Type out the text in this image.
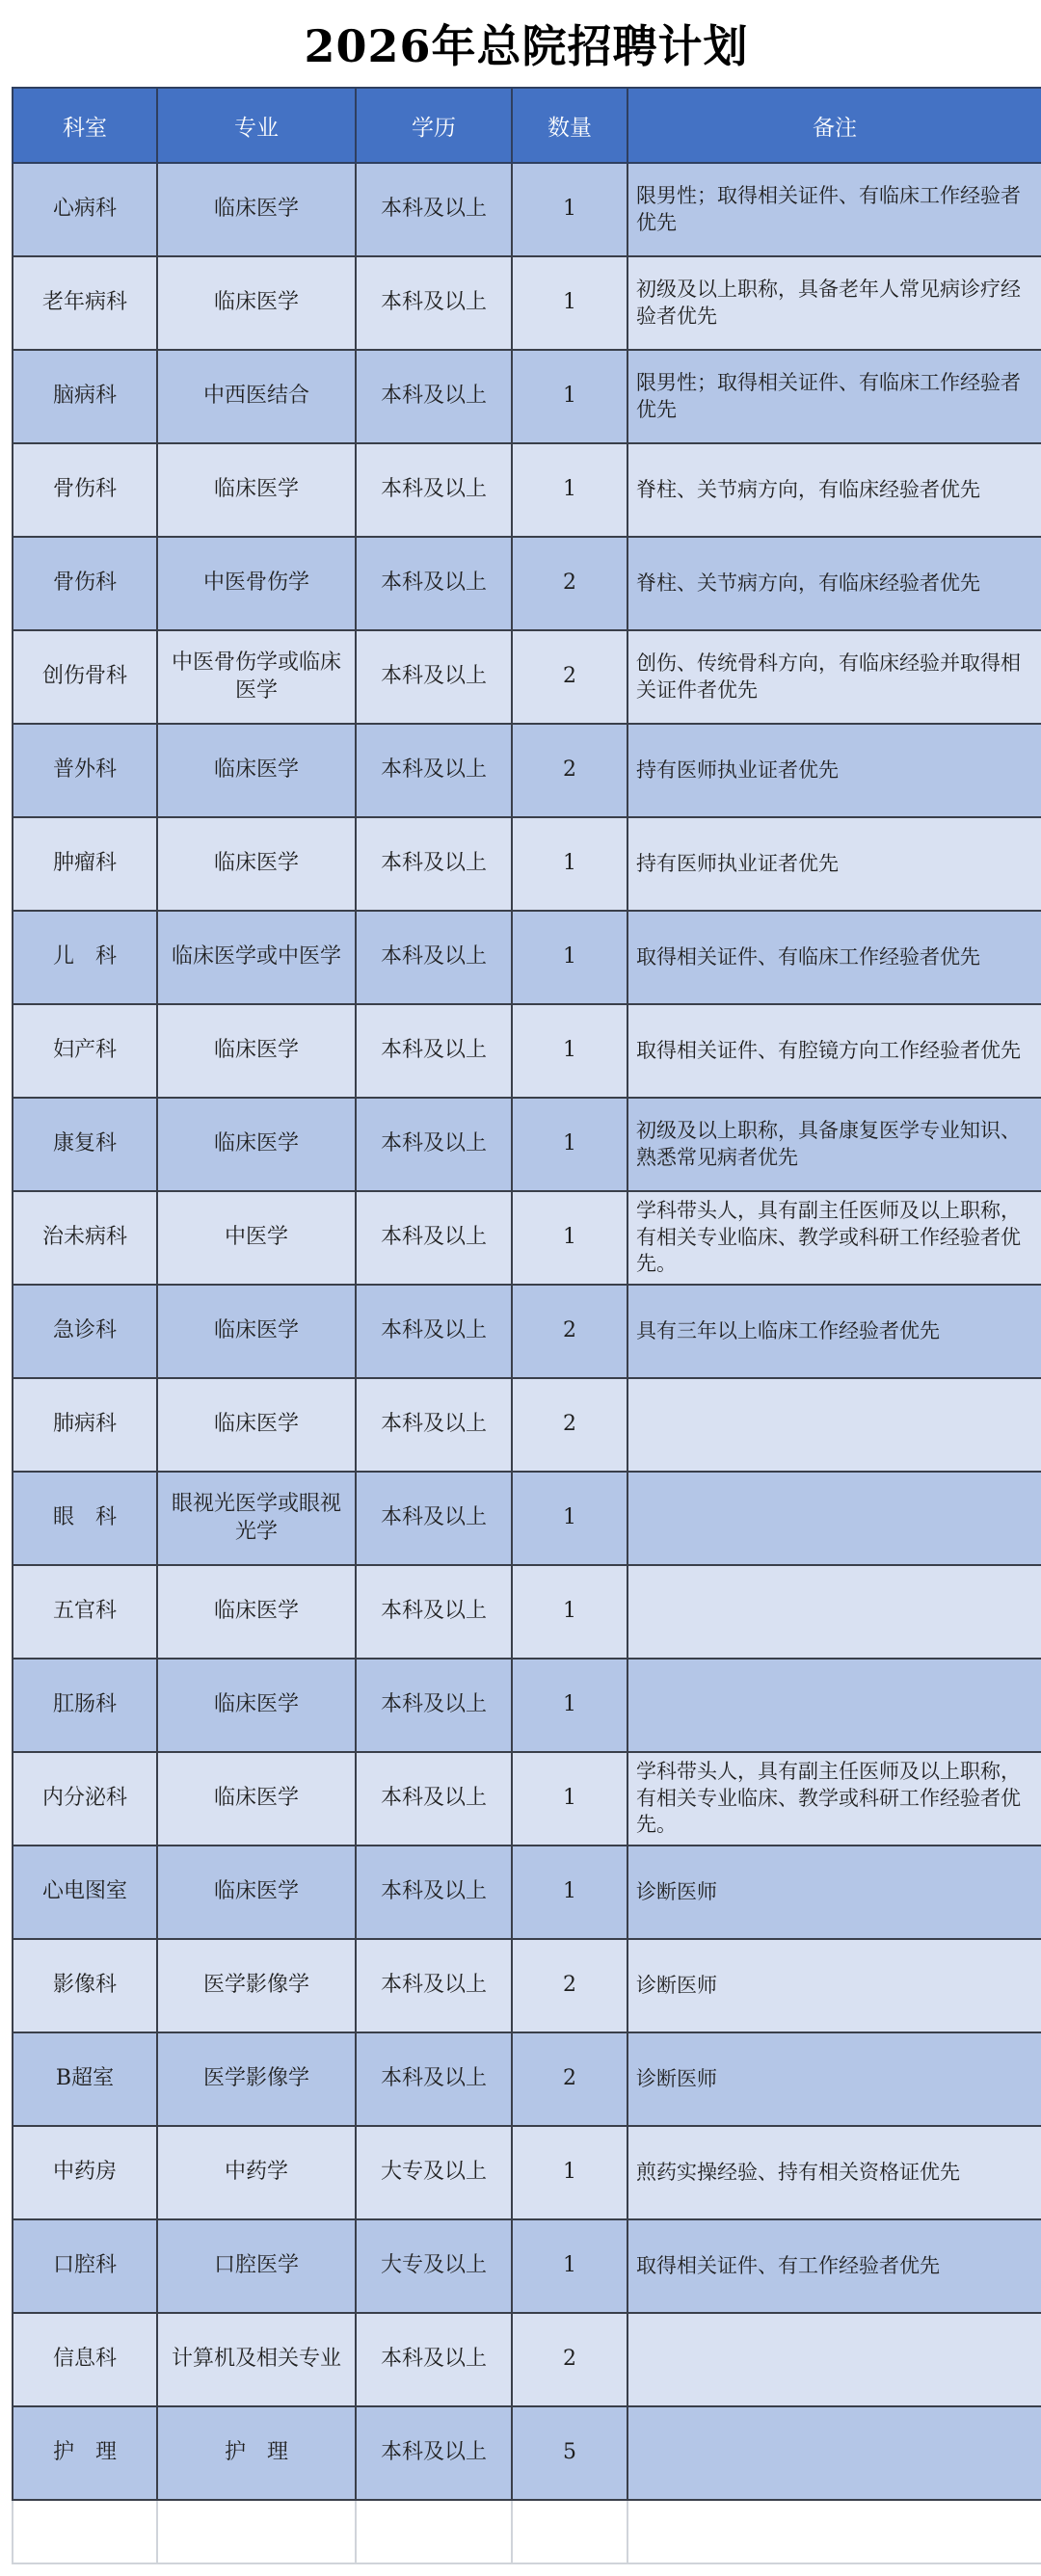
2026年总院招聘计划
科室	专业	学历	数量	备注
心病科	临床医学	本科及以上	1	限男性；取得相关证件、有临床工作经验者优先
老年病科	临床医学	本科及以上	1	初级及以上职称，具备老年人常见病诊疗经验者优先
脑病科	中西医结合	本科及以上	1	限男性；取得相关证件、有临床工作经验者优先
骨伤科	临床医学	本科及以上	1	脊柱、关节病方向，有临床经验者优先
骨伤科	中医骨伤学	本科及以上	2	脊柱、关节病方向，有临床经验者优先
创伤骨科	中医骨伤学或临床医学	本科及以上	2	创伤、传统骨科方向，有临床经验并取得相关证件者优先
普外科	临床医学	本科及以上	2	持有医师执业证者优先
肿瘤科	临床医学	本科及以上	1	持有医师执业证者优先
儿　科	临床医学或中医学	本科及以上	1	取得相关证件、有临床工作经验者优先
妇产科	临床医学	本科及以上	1	取得相关证件、有腔镜方向工作经验者优先
康复科	临床医学	本科及以上	1	初级及以上职称，具备康复医学专业知识、熟悉常见病者优先
治未病科	中医学	本科及以上	1	学科带头人，具有副主任医师及以上职称，有相关专业临床、教学或科研工作经验者优先。
急诊科	临床医学	本科及以上	2	具有三年以上临床工作经验者优先
肺病科	临床医学	本科及以上	2	
眼　科	眼视光医学或眼视光学	本科及以上	1	
五官科	临床医学	本科及以上	1	
肛肠科	临床医学	本科及以上	1	
内分泌科	临床医学	本科及以上	1	学科带头人，具有副主任医师及以上职称，有相关专业临床、教学或科研工作经验者优先。
心电图室	临床医学	本科及以上	1	诊断医师
影像科	医学影像学	本科及以上	2	诊断医师
B超室	医学影像学	本科及以上	2	诊断医师
中药房	中药学	大专及以上	1	煎药实操经验、持有相关资格证优先
口腔科	口腔医学	大专及以上	1	取得相关证件、有工作经验者优先
信息科	计算机及相关专业	本科及以上	2	
护　理	护　理	本科及以上	5	
